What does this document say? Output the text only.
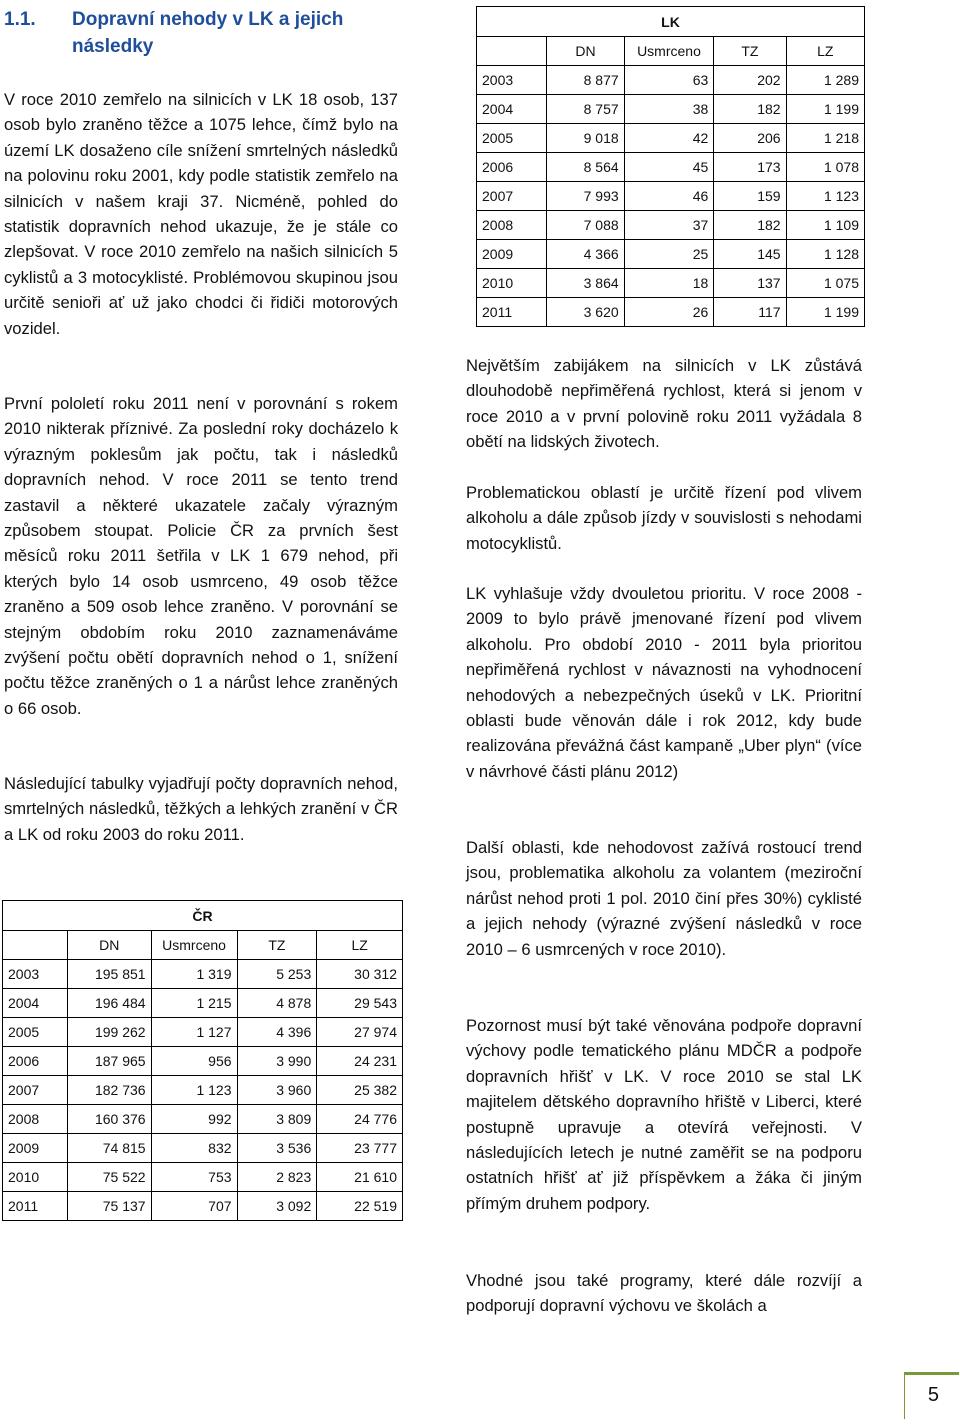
1.1. Dopravní nehody v LK a jejich následky

V roce 2010 zemřelo na silnicích v LK 18 osob, 137 osob bylo zraněno těžce a 1075 lehce, čímž bylo na území LK dosaženo cíle snížení smrtelných následků na polovinu roku 2001, kdy podle statistik zemřelo na silnicích v našem kraji 37. Nicméně, pohled do statistik dopravních nehod ukazuje, že je stále co zlepšovat. V roce 2010 zemřelo na našich silnicích 5 cyklistů a 3 motocyklisté. Problémovou skupinou jsou určitě senioři ať už jako chodci či řidiči motorových vozidel.

První pololetí roku 2011 není v porovnání s rokem 2010 nikterak příznivé. Za poslední roky docházelo k výrazným poklesům jak počtu, tak i následků dopravních nehod. V roce 2011 se tento trend zastavil a některé ukazatele začaly výrazným způsobem stoupat. Policie ČR za prvních šest měsíců roku 2011 šetřila v LK 1 679 nehod, při kterých bylo 14 osob usmrceno, 49 osob těžce zraněno a 509 osob lehce zraněno. V porovnání se stejným obdobím roku 2010 zaznamenáváme zvýšení počtu obětí dopravních nehod o 1, snížení počtu těžce zraněných o 1 a nárůst lehce zraněných o 66 osob.

Následující tabulky vyjadřují počty dopravních nehod, smrtelných následků, těžkých a lehkých zranění v ČR a LK od roku 2003 do roku 2011.

ČR				
	DN	Usmrceno	TZ	LZ
2003	195 851	1 319	5 253	30 312
2004	196 484	1 215	4 878	29 543
2005	199 262	1 127	4 396	27 974
2006	187 965	956	3 990	24 231
2007	182 736	1 123	3 960	25 382
2008	160 376	992	3 809	24 776
2009	74 815	832	3 536	23 777
2010	75 522	753	2 823	21 610
2011	75 137	707	3 092	22 519
LK				
	DN	Usmrceno	TZ	LZ
2003	8 877	63	202	1 289
2004	8 757	38	182	1 199
2005	9 018	42	206	1 218
2006	8 564	45	173	1 078
2007	7 993	46	159	1 123
2008	7 088	37	182	1 109
2009	4 366	25	145	1 128
2010	3 864	18	137	1 075
2011	3 620	26	117	1 199

Největším zabijákem na silnicích v LK zůstává dlouhodobě nepřiměřená rychlost, která si jenom v roce 2010 a v první polovině roku 2011 vyžádala 8 obětí na lidských životech.

Problematickou oblastí je určitě řízení pod vlivem alkoholu a dále způsob jízdy v souvislosti s nehodami motocyklistů.

LK vyhlašuje vždy dvouletou prioritu. V roce 2008 - 2009 to bylo právě jmenované řízení pod vlivem alkoholu. Pro období 2010 - 2011 byla prioritou nepřiměřená rychlost v návaznosti na vyhodnocení nehodových a nebezpečných úseků v LK. Prioritní oblasti bude věnován dále i rok 2012, kdy bude realizována převážná část kampaně „Uber plyn“ (více v návrhové části plánu 2012)

Další oblasti, kde nehodovost zažívá rostoucí trend jsou, problematika alkoholu za volantem (meziroční nárůst nehod proti 1 pol. 2010 činí přes 30%) cyklisté a jejich nehody (výrazné zvýšení následků v roce 2010 – 6 usmrcených v roce 2010).

Pozornost musí být také věnována podpoře dopravní výchovy podle tematického plánu MDČR a podpoře dopravních hřišť v LK. V roce 2010 se stal LK majitelem dětského dopravního hřiště v Liberci, které postupně upravuje a otevírá veřejnosti. V následujících letech je nutné zaměřit se na podporu ostatních hřišť ať již příspěvkem a žáka či jiným přímým druhem podpory.

Vhodné jsou také programy, které dále rozvíjí a podporují dopravní výchovu ve školách a

5
